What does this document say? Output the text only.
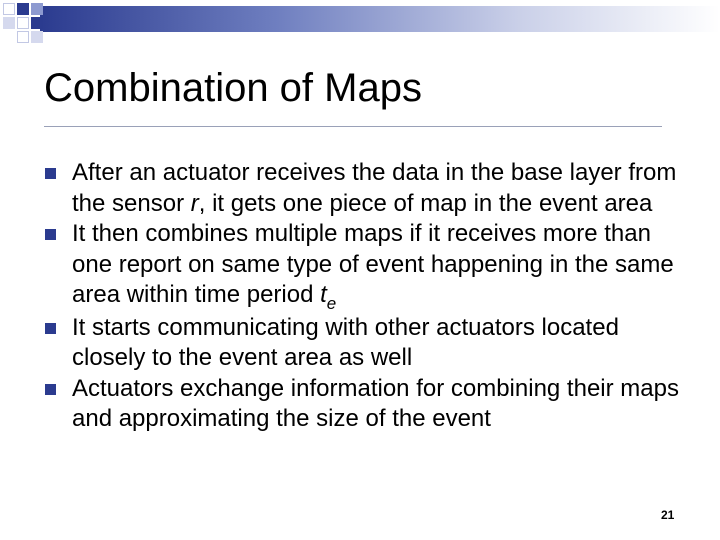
Combination of Maps
After an actuator receives the data in the base layer from the sensor r, it gets one piece of map in the event area
It then combines multiple maps if it receives more than one report on same type of event happening in the same area within time period $t_e$
It starts communicating with other actuators located closely to the event area as well
Actuators exchange information for combining their maps and approximating the size of the event
21
